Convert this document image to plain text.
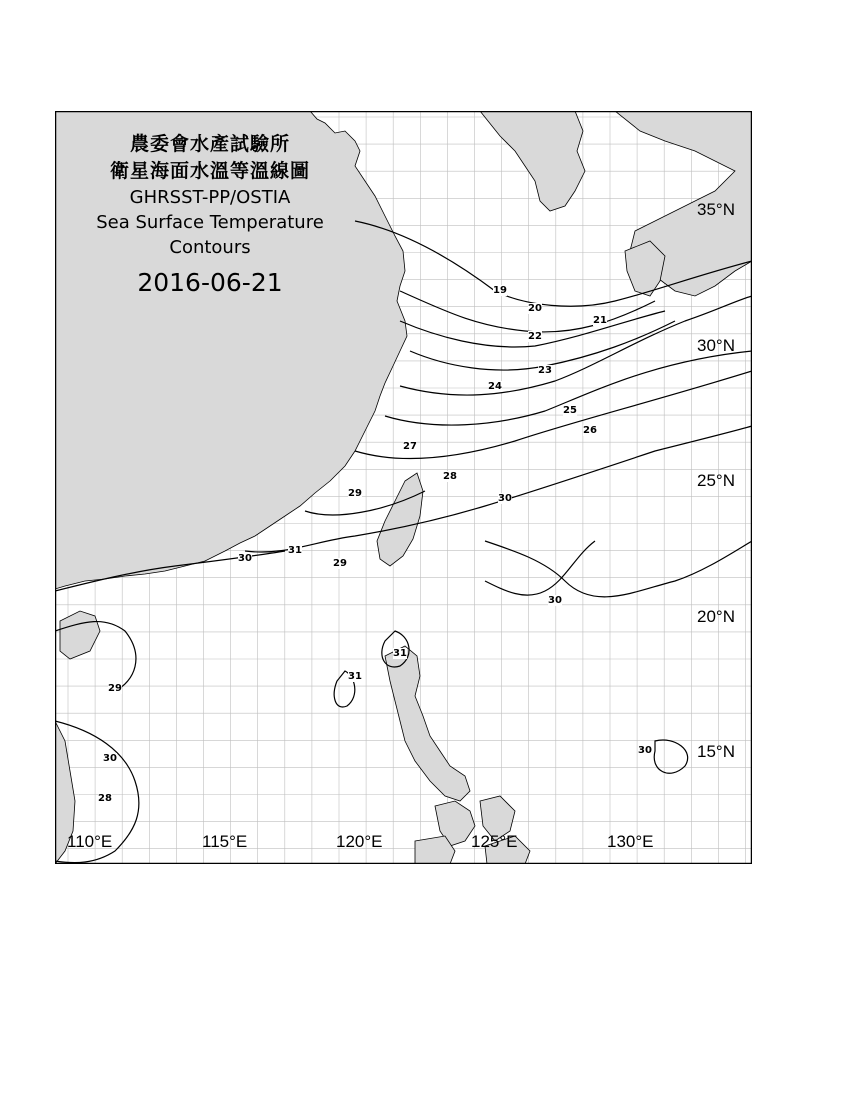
19
20
21
22
23
24
25
26
27
28
29	30
31
29
30
30
30
31
31
29
30
28
農委會水產試驗所
衛星海面水溫等溫線圖
GHRSST-PP/OSTIA
Sea Surface Temperature
Contours
2016-06-21
110°E	115°E	120°E	125°E	130°E
35°N
30°N
25°N
20°N
15°N
